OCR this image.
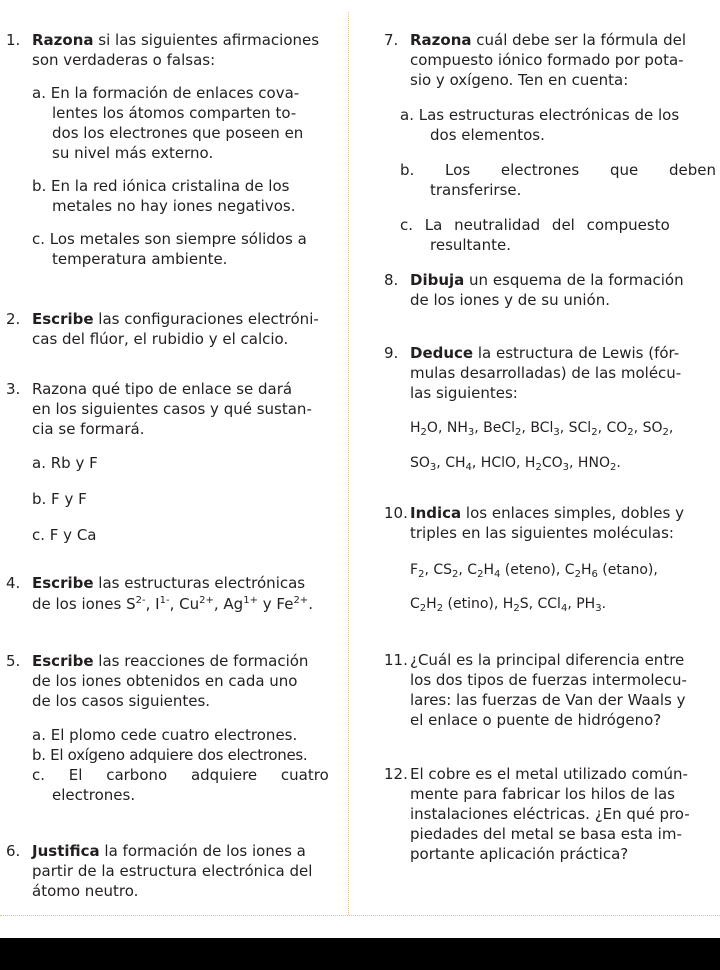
1. Razona si las siguientes afirmaciones
son verdaderas o falsas:
a. En la formación de enlaces cova-
lentes los átomos comparten to-
dos los electrones que poseen en
su nivel más externo.
b. En la red iónica cristalina de los
metales no hay iones negativos.
c. Los metales son siempre sólidos a
temperatura ambiente.
2. Escribe las configuraciones electróni-
cas del flúor, el rubidio y el calcio.
3. Razona qué tipo de enlace se dará
en los siguientes casos y qué sustan-
cia se formará.
a. Rb y F
b. F y F
c. F y Ca
4. Escribe las estructuras electrónicas
de los iones $S^{2-}$, $I^{1-}$, $Cu^{2+}$, $Ag^{1+}$ y $Fe^{2+}$.
5. Escribe las reacciones de formación
de los iones obtenidos en cada uno
de los casos siguientes.
a. El plomo cede cuatro electrones.
b. El oxígeno adquiere dos electrones.
c. El carbono adquiere cuatro
electrones.
6. Justifica la formación de los iones a
partir de la estructura electrónica del
átomo neutro.
7. Razona cuál debe ser la fórmula del
compuesto iónico formado por pota-
sio y oxígeno. Ten en cuenta:
a. Las estructuras electrónicas de los
dos elementos.
b. Los electrones que deben
transferirse.
c. La neutralidad del compuesto
resultante.
8. Dibuja un esquema de la formación
de los iones y de su unión.
9. Deduce la estructura de Lewis (fór-
mulas desarrolladas) de las molécu-
las siguientes:
$H_2O$, $NH_3$, BeCl$_2$, BCl$_3$, SCl$_2$, $CO_2$, $SO_2$,
$SO_3$, $CH_4$, HClO, $H_2CO_3$, $HNO_2$.
10. Indica los enlaces simples, dobles y
triples en las siguientes moléculas:
$F_2$, $CS_2$, $C_2H_4$ (eteno), $C_2H_6$ (etano),
$C_2H_2$ (etino), $H_2S$, CCl$_4$, $PH_3$.
11. ¿Cuál es la principal diferencia entre
los dos tipos de fuerzas intermolecu-
lares: las fuerzas de Van der Waals y
el enlace o puente de hidrógeno?
12. El cobre es el metal utilizado común-
mente para fabricar los hilos de las
instalaciones eléctricas. ¿En qué pro-
piedades del metal se basa esta im-
portante aplicación práctica?
